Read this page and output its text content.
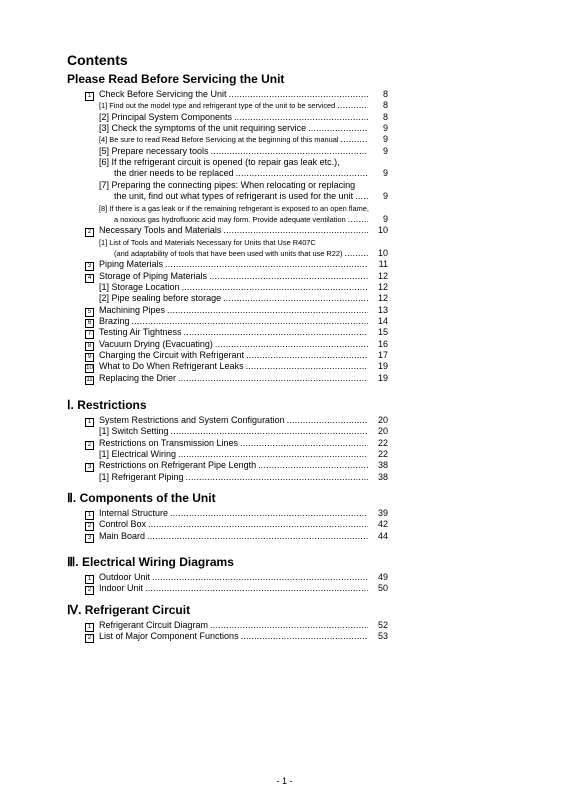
Contents
- 1 -
Please Read Before Servicing the Unit
1 Check Before Servicing the Unit	8
.....
[1] Find out the model type and refrigerant type of the unit to be serviced	8
.....
[2] Principal System Components	8
.....
[3] Check the symptoms of the unit requiring service	9
.....
[4] Be sure to read Read Before Servicing at the beginning of this manual	9
.....
[5] Prepare necessary tools	9
.....
[6] If the refrigerant circuit is opened (to repair gas leak etc.),
the drier needs to be replaced	9
.....
[7] Preparing the connecting pipes: When relocating or replacing
the unit, find out what types of refrigerant is used for the unit	9
.....
[8] If there is a gas leak or if the remaining refrigerant is exposed to an open flame,
a noxious gas hydrofluoric acid may form. Provide adequate ventilation	9
.....
2 Necessary Tools and Materials	10
.....
[1] List of Tools and Materials Necessary for Units that Use R407C
(and adaptability of tools that have been used with units that use R22)	10
.....
3 Piping Materials	11
.....
4 Storage of Piping Materials	12
.....
[1] Storage Location	12
.....
[2] Pipe sealing before storage	12
.....
5 Machining Pipes	13
.....
6 Brazing	14
.....
7 Testing Air Tightness	15
.....
8 Vacuum Drying (Evacuating)	16
.....
9 Charging the Circuit with Refrigerant	17
.....
10 What to Do When Refrigerant Leaks	19
.....
11 Replacing the Drier	19
.....
Ⅰ. Restrictions
1 System Restrictions and System Configuration	20
.....
[1] Switch Setting	20
.....
2 Restrictions on Transmission Lines	22
.....
[1] Electrical Wiring	22
.....
3 Restrictions on Refrigerant Pipe Length	38
.....
[1] Refrigerant Piping	38
.....
Ⅱ. Components of the Unit
1 Internal Structure	39
.....
2 Control Box	42
.....
3 Main Board	44
.....
Ⅲ. Electrical Wiring Diagrams
1 Outdoor Unit	49
.....
2 Indoor Unit	50
.....
Ⅳ. Refrigerant Circuit
1 Refrigerant Circuit Diagram	52
.....
2 List of Major Component Functions	53
.....
